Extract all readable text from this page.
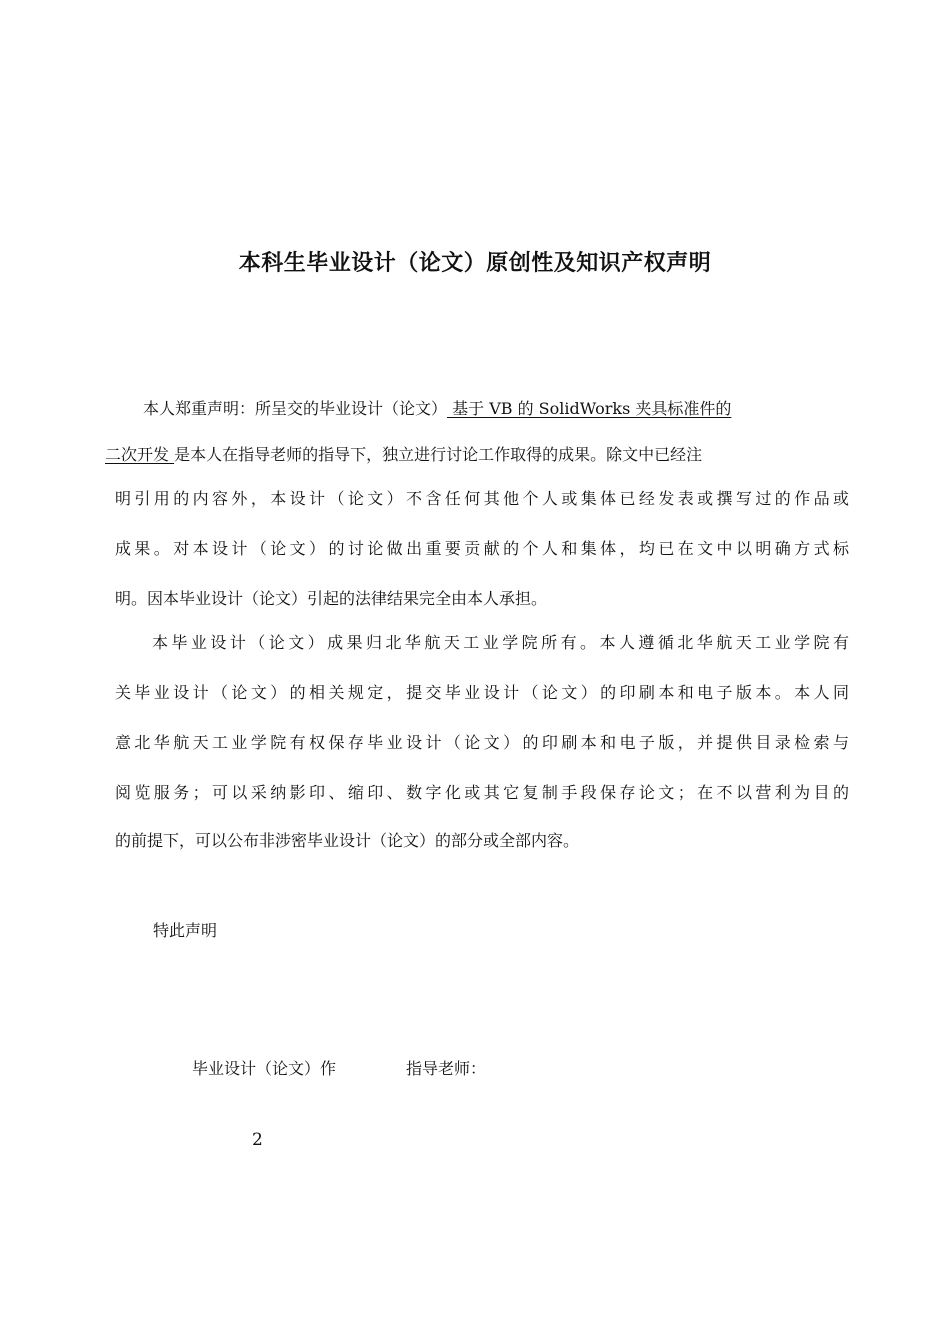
本科生毕业设计（论文）原创性及知识产权声明
本人郑重声明：所呈交的毕业设计（论文） 基于 VB 的 SolidWorks 夹具标准件的
二次开发 是本人在指导老师的指导下，独立进行讨论工作取得的成果。除文中已经注
明引用的内容外，本设计（论文）不含任何其他个人或集体已经发表或撰写过的作品或
成果。对本设计（论文）的讨论做出重要贡献的个人和集体，均已在文中以明确方式标
明。因本毕业设计（论文）引起的法律结果完全由本人承担。
本毕业设计（论文）成果归北华航天工业学院所有。本人遵循北华航天工业学院有
关毕业设计（论文）的相关规定，提交毕业设计（论文）的印刷本和电子版本。本人同
意北华航天工业学院有权保存毕业设计（论文）的印刷本和电子版，并提供目录检索与
阅览服务；可以采纳影印、缩印、数字化或其它复制手段保存论文；在不以营利为目的
的前提下，可以公布非涉密毕业设计（论文）的部分或全部内容。
特此声明
毕业设计（论文）作	指导老师：
2
